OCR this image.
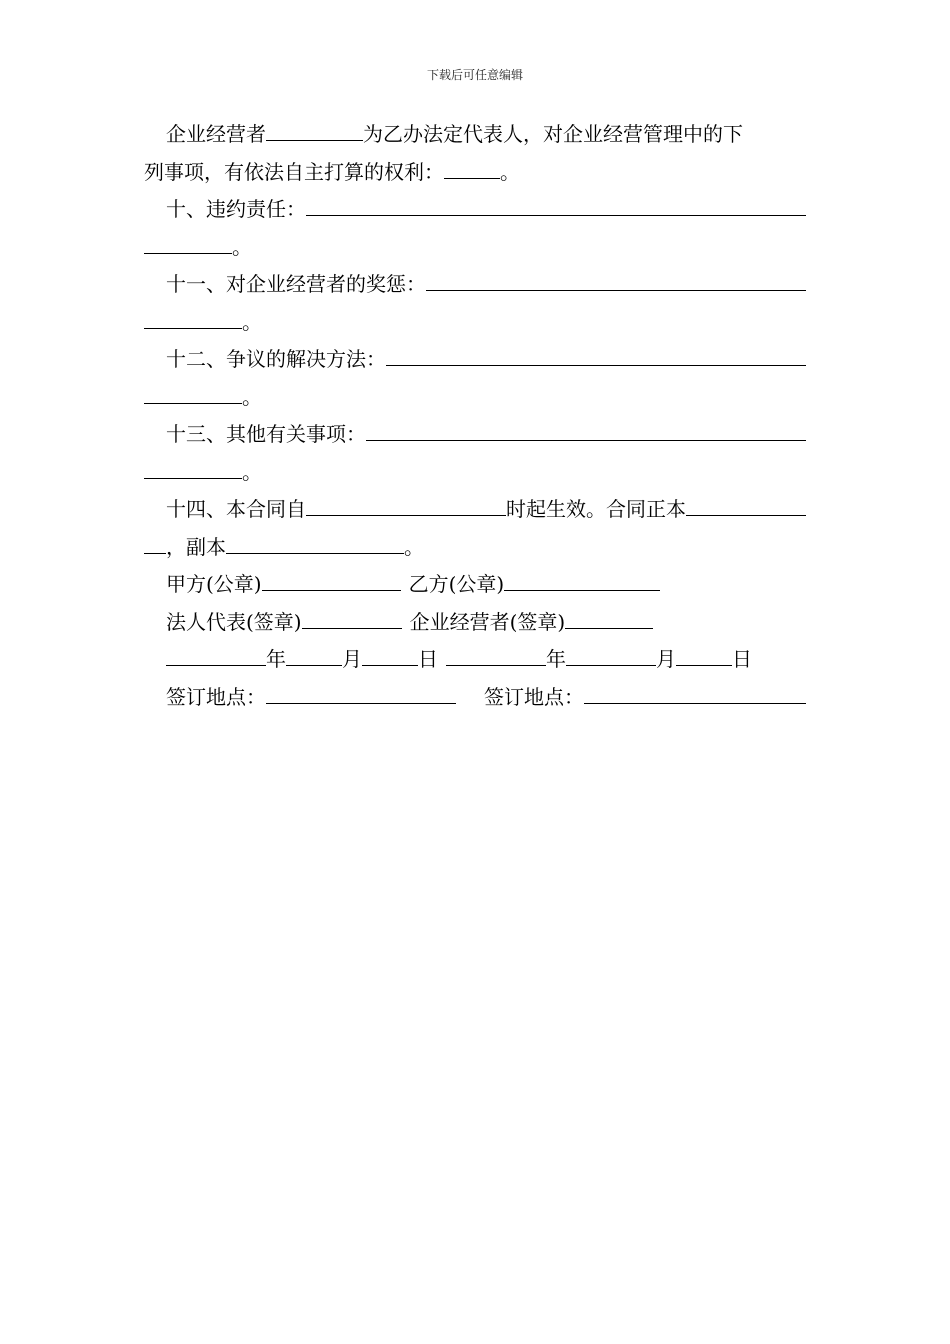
下载后可任意编辑
企业经营者	为乙办法定代表人，对企业经营管理中的下
列事项，有依法自主打算的权利：	。
十、违约责任：
。
十一、对企业经营者的奖惩：
。
十二、争议的解决方法：
。
十三、其他有关事项：
。
十四、本合同自	时起生效。合同正本
，副本	。
甲方(公章)	乙方(公章)
法人代表(签章)	企业经营者(签章)
年	月	日	年	月	日
签订地点：	签订地点：
